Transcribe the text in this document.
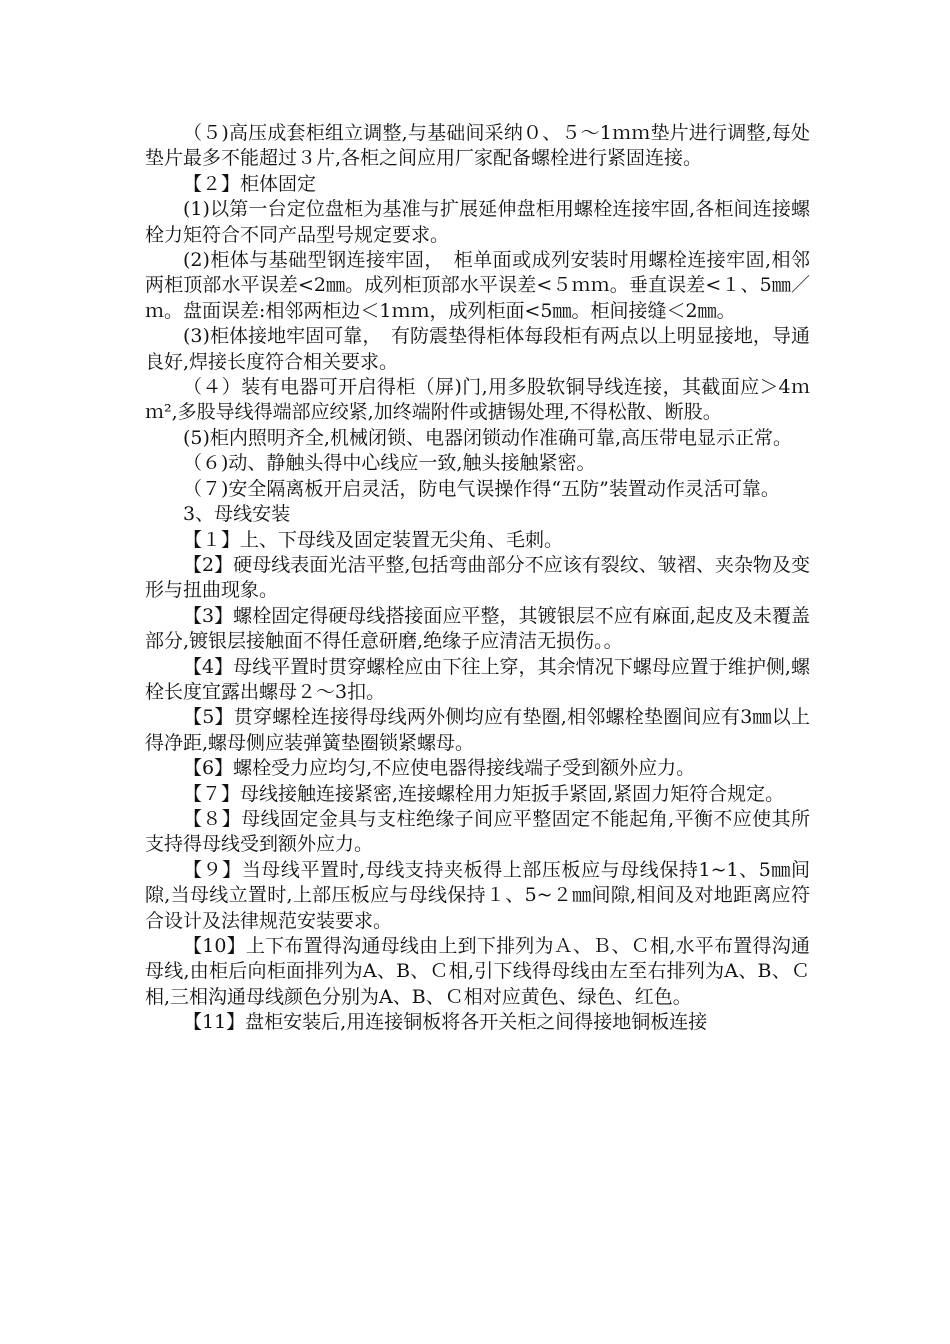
（５)高压成套柜组立调整,与基础间采纳０、５～1ｍｍ垫片进行调整,每处垫片最多不能超过３片,各柜之间应用厂家配备螺栓进行紧固连接。

【２】柜体固定

(1)以第一台定位盘柜为基准与扩展延伸盘柜用螺栓连接牢固,各柜间连接螺栓力矩符合不同产品型号规定要求。

(2)柜体与基础型钢连接牢固，　柜单面或成列安装时用螺栓连接牢固,相邻两柜顶部水平误差<2㎜。成列柜顶部水平误差<５ｍｍ。垂直误差<１、5㎜／ｍ。盘面误差:相邻两柜边＜1ｍｍ，成列柜面<5㎜。柜间接缝＜2㎜。

(3)柜体接地牢固可靠，　有防震垫得柜体每段柜有两点以上明显接地，导通良好,焊接长度符合相关要求。

（４）装有电器可开启得柜（屏)门,用多股软铜导线连接，其截面应＞4ｍｍ²,多股导线得端部应绞紧,加终端附件或搪锡处理,不得松散、断股。

(5)柜内照明齐全,机械闭锁、电器闭锁动作准确可靠,高压带电显示正常。

（６)动、静触头得中心线应一致,触头接触紧密。

（７)安全隔离板开启灵活，防电气误操作得“五防”装置动作灵活可靠。

3、母线安装

【１】上、下母线及固定装置无尖角、毛刺。

【2】硬母线表面光洁平整,包括弯曲部分不应该有裂纹、皱褶、夹杂物及变形与扭曲现象。

【3】螺栓固定得硬母线搭接面应平整，其镀银层不应有麻面,起皮及未覆盖部分,镀银层接触面不得任意研磨,绝缘子应清洁无损伤。。

【4】母线平置时贯穿螺栓应由下往上穿，其余情况下螺母应置于维护侧,螺栓长度宜露出螺母２～3扣。

【5】贯穿螺栓连接得母线两外侧均应有垫圈,相邻螺栓垫圈间应有3㎜以上得净距,螺母侧应装弹簧垫圈锁紧螺母。

【6】螺栓受力应均匀,不应使电器得接线端子受到额外应力。

【７】母线接触连接紧密,连接螺栓用力矩扳手紧固,紧固力矩符合规定。

【８】母线固定金具与支柱绝缘子间应平整固定不能起角,平衡不应使其所支持得母线受到额外应力。

【９】当母线平置时,母线支持夹板得上部压板应与母线保持1~1、5㎜间隙,当母线立置时,上部压板应与母线保持１、5~２㎜间隙,相间及对地距离应符合设计及法律规范安装要求。

【10】上下布置得沟通母线由上到下排列为Ａ、Ｂ、Ｃ相,水平布置得沟通母线,由柜后向柜面排列为A、B、Ｃ相,引下线得母线由左至右排列为A、B、Ｃ相,三相沟通母线颜色分别为A、B、Ｃ相对应黄色、绿色、红色。

【11】盘柜安装后,用连接铜板将各开关柜之间得接地铜板连接
